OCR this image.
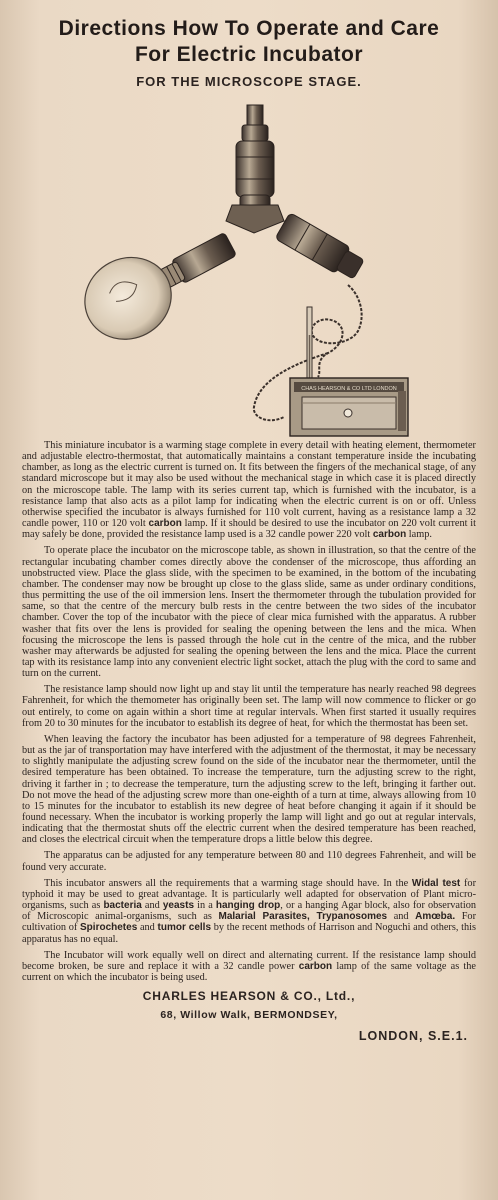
Directions How To Operate and Care
For Electric Incubator
FOR THE MICROSCOPE STAGE.
CHAS HEARSON & CO LTD LONDON

This miniature incubator is a warming stage complete in every detail with heating element, thermometer and adjustable electro-thermostat, that automatically maintains a constant temperature inside the incubating chamber, as long as the electric current is turned on. It fits between the fingers of the mechanical stage, of any standard microscope but it may also be used without the mechanical stage in which case it is placed directly on the microscope table. The lamp with its series current tap, which is furnished with the incubator, is a resistance lamp that also acts as a pilot lamp for indicating when the electric current is on or off. Unless otherwise specified the incubator is always furnished for 110 volt current, having as a resistance lamp a 32 candle power, 110 or 120 volt carbon lamp. If it should be desired to use the incubator on 220 volt current it may safely be done, provided the resistance lamp used is a 32 candle power 220 volt carbon lamp.

To operate place the incubator on the microscope table, as shown in illustration, so that the centre of the rectangular incubating chamber comes directly above the condenser of the microscope, thus affording an unobstructed view. Place the glass slide, with the specimen to be examined, in the bottom of the incubating chamber. The condenser may now be brought up close to the glass slide, same as under ordinary conditions, thus permitting the use of the oil immersion lens. Insert the thermometer through the tubulation provided for same, so that the centre of the mercury bulb rests in the centre between the two sides of the incubator chamber. Cover the top of the incubator with the piece of clear mica furnished with the apparatus. A rubber washer that fits over the lens is provided for sealing the opening between the lens and the mica. When focusing the microscope the lens is passed through the hole cut in the centre of the mica, and the rubber washer may afterwards be adjusted for sealing the opening between the lens and the mica. Place the current tap with its resistance lamp into any convenient electric light socket, attach the plug with the cord to same and turn on the current.

The resistance lamp should now light up and stay lit until the temperature has nearly reached 98 degrees Fahrenheit, for which the themometer has originally been set. The lamp will now commence to flicker or go out entirely, to come on again within a short time at regular intervals. When first started it usually requires from 20 to 30 minutes for the incubator to establish its degree of heat, for which the thermostat has been set.

When leaving the factory the incubator has been adjusted for a temperature of 98 degrees Fahrenheit, but as the jar of transportation may have interfered with the adjustment of the thermostat, it may be necessary to slightly manipulate the adjusting screw found on the side of the incubator near the thermometer, until the desired temperature has been obtained. To increase the temperature, turn the adjusting screw to the right, driving it farther in ; to decrease the temperature, turn the adjusting screw to the left, bringing it farther out. Do not move the head of the adjusting screw more than one-eighth of a turn at time, always allowing from 10 to 15 minutes for the incubator to establish its new degree of heat before changing it again if it should be found necessary. When the incubator is working properly the lamp will light and go out at regular intervals, indicating that the thermostat shuts off the electric current when the desired temperature has been reached, and closes the electrical circuit when the temperature drops a little below this degree.

The apparatus can be adjusted for any temperature between 80 and 110 degrees Fahrenheit, and will be found very accurate.

This incubator answers all the requirements that a warming stage should have. In the Widal test for typhoid it may be used to great advantage. It is particularly well adapted for observation of Plant micro-organisms, such as bacteria and yeasts in a hanging drop, or a hanging Agar block, also for observation of Microscopic animal-organisms, such as Malarial Parasites, Trypanosomes and Amœba. For cultivation of Spirochetes and tumor cells by the recent methods of Harrison and Noguchi and others, this apparatus has no equal.

The Incubator will work equally well on direct and alternating current. If the resistance lamp should become broken, be sure and replace it with a 32 candle power carbon lamp of the same voltage as the current on which the incubator is being used.

CHARLES HEARSON & CO., Ltd.,
68, Willow Walk, BERMONDSEY,
LONDON, S.E.1.
